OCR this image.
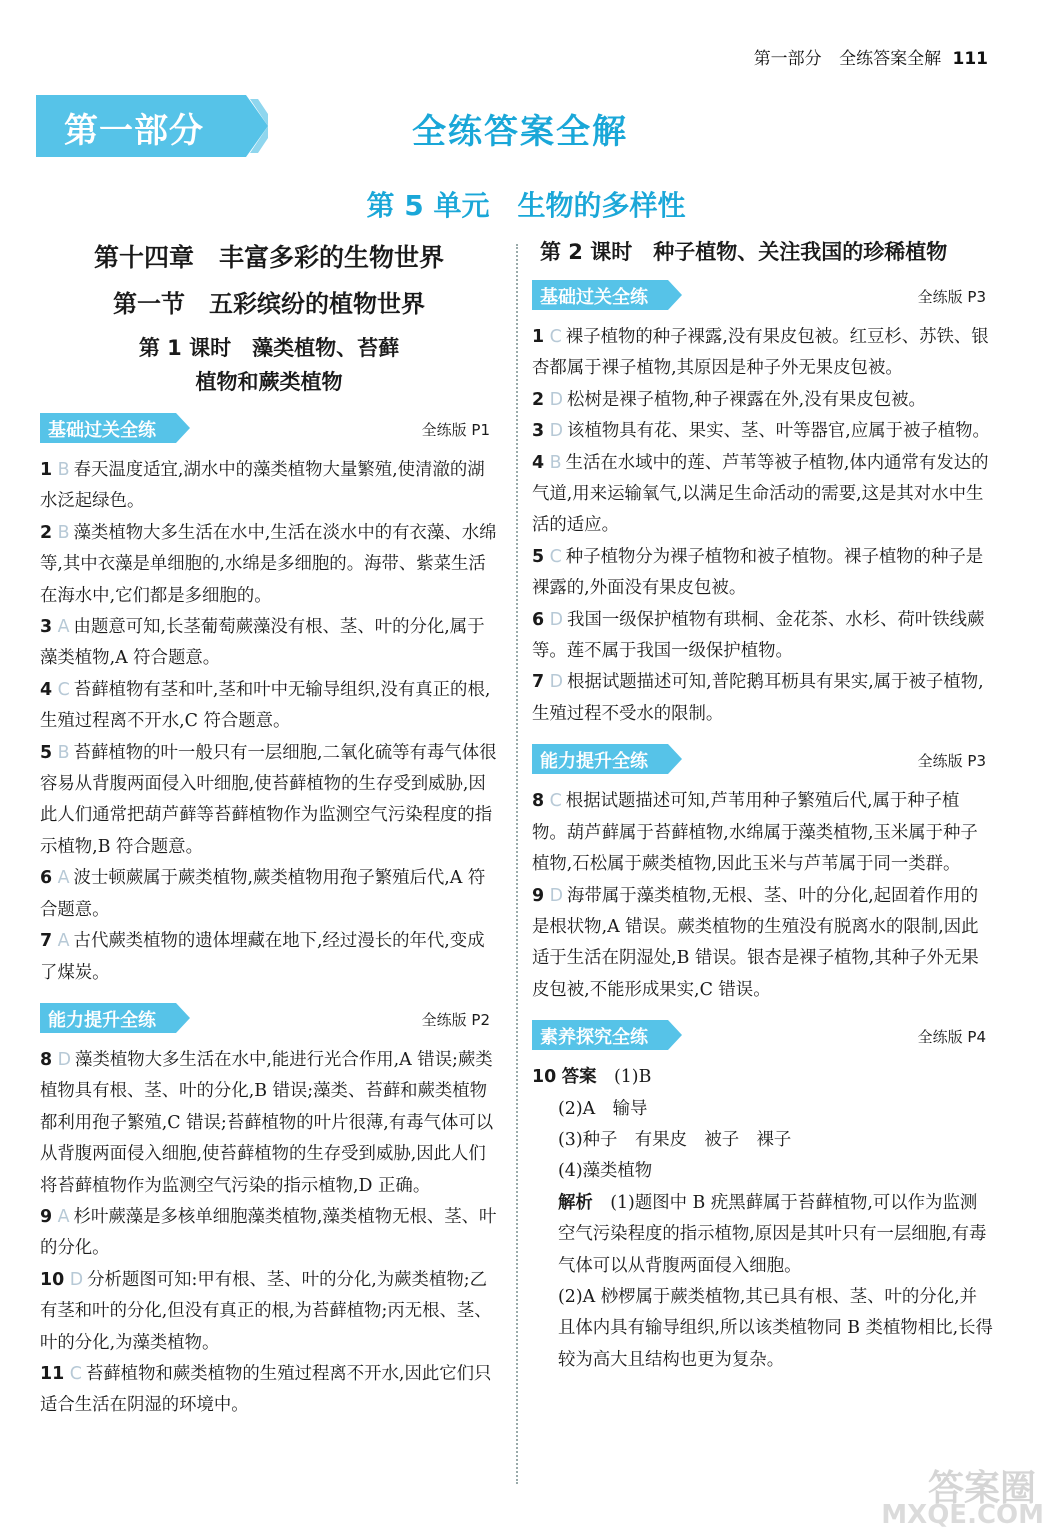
第一部分 全练答案全解 111
第一部分	全练答案全解
第 5 单元　生物的多样性
第十四章　丰富多彩的生物世界
第一节　五彩缤纷的植物世界
第 1 课时　藻类植物、苔藓
植物和蕨类植物
基础过关全练	全练版 P1

1 B 春天温度适宜,湖水中的藻类植物大量繁殖,使清澈的湖水泛起绿色。

2 B 藻类植物大多生活在水中,生活在淡水中的有衣藻、水绵等,其中衣藻是单细胞的,水绵是多细胞的。海带、紫菜生活在海水中,它们都是多细胞的。

3 A 由题意可知,长茎葡萄蕨藻没有根、茎、叶的分化,属于藻类植物,A 符合题意。

4 C 苔藓植物有茎和叶,茎和叶中无输导组织,没有真正的根,生殖过程离不开水,C 符合题意。

5 B 苔藓植物的叶一般只有一层细胞,二氧化硫等有毒气体很容易从背腹两面侵入叶细胞,使苔藓植物的生存受到威胁,因此人们通常把葫芦藓等苔藓植物作为监测空气污染程度的指示植物,B 符合题意。

6 A 波士顿蕨属于蕨类植物,蕨类植物用孢子繁殖后代,A 符合题意。

7 A 古代蕨类植物的遗体埋藏在地下,经过漫长的年代,变成了煤炭。

能力提升全练	全练版 P2

8 D 藻类植物大多生活在水中,能进行光合作用,A 错误;蕨类植物具有根、茎、叶的分化,B 错误;藻类、苔藓和蕨类植物都利用孢子繁殖,C 错误;苔藓植物的叶片很薄,有毒气体可以从背腹两面侵入细胞,使苔藓植物的生存受到威胁,因此人们将苔藓植物作为监测空气污染的指示植物,D 正确。

9 A 杉叶蕨藻是多核单细胞藻类植物,藻类植物无根、茎、叶的分化。

10 D 分析题图可知:甲有根、茎、叶的分化,为蕨类植物;乙有茎和叶的分化,但没有真正的根,为苔藓植物;丙无根、茎、叶的分化,为藻类植物。

11 C 苔藓植物和蕨类植物的生殖过程离不开水,因此它们只适合生活在阴湿的环境中。

第 2 课时　种子植物、关注我国的珍稀植物
基础过关全练	全练版 P3

1 C 裸子植物的种子裸露,没有果皮包被。红豆杉、苏铁、银杏都属于裸子植物,其原因是种子外无果皮包被。

2 D 松树是裸子植物,种子裸露在外,没有果皮包被。

3 D 该植物具有花、果实、茎、叶等器官,应属于被子植物。

4 B 生活在水域中的莲、芦苇等被子植物,体内通常有发达的气道,用来运输氧气,以满足生命活动的需要,这是其对水中生活的适应。

5 C 种子植物分为裸子植物和被子植物。裸子植物的种子是裸露的,外面没有果皮包被。

6 D 我国一级保护植物有珙桐、金花茶、水杉、荷叶铁线蕨等。莲不属于我国一级保护植物。

7 D 根据试题描述可知,普陀鹅耳枥具有果实,属于被子植物,生殖过程不受水的限制。

能力提升全练	全练版 P3

8 C 根据试题描述可知,芦苇用种子繁殖后代,属于种子植物。葫芦藓属于苔藓植物,水绵属于藻类植物,玉米属于种子植物,石松属于蕨类植物,因此玉米与芦苇属于同一类群。

9 D 海带属于藻类植物,无根、茎、叶的分化,起固着作用的是根状物,A 错误。蕨类植物的生殖没有脱离水的限制,因此适于生活在阴湿处,B 错误。银杏是裸子植物,其种子外无果皮包被,不能形成果实,C 错误。

素养探究全练	全练版 P4

10 答案　 (1)B

(2)A　输导

(3)种子　有果皮　被子　裸子

(4)藻类植物

解析　 (1)题图中 B 疣黑藓属于苔藓植物,可以作为监测空气污染程度的指示植物,原因是其叶只有一层细胞,有毒气体可以从背腹两面侵入细胞。

(2)A 桫椤属于蕨类植物,其已具有根、茎、叶的分化,并且体内具有输导组织,所以该类植物同 B 类植物相比,长得较为高大且结构也更为复杂。

答案圈
MXQE.COM
